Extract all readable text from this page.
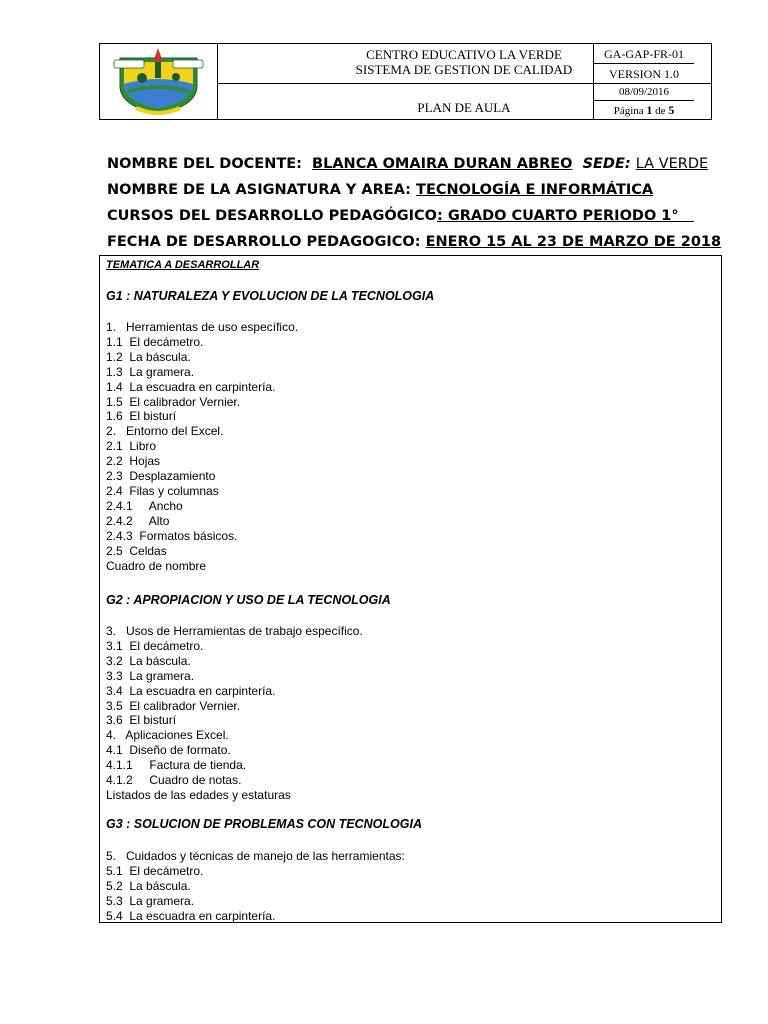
CENTRO EDUCATIVO LA VERDE
SISTEMA DE GESTION DE CALIDAD
PLAN DE AULA
GA-GAP-FR-01
VERSION 1.0
08/09/2016
Página 1 de 5
NOMBRE DEL DOCENTE: BLANCA OMAIRA DURAN ABREO SEDE: LA VERDE
NOMBRE DE LA ASIGNATURA Y AREA: TECNOLOGÍA E INFORMÁTICA
CURSOS DEL DESARROLLO PEDAGÓGICO: GRADO CUARTO PERIODO 1°
FECHA DE DESARROLLO PEDAGOGICO: ENERO 15 AL 23 DE MARZO DE 2018
TEMATICA A DESARROLLAR
G1 : NATURALEZA Y EVOLUCION DE LA TECNOLOGIA
1.   Herramientas de uso específico.
1.1  El decámetro.
1.2  La báscula.
1.3  La gramera.
1.4  La escuadra en carpintería.
1.5  El calibrador Vernier.
1.6  El bisturí
2.   Entorno del Excel.
2.1  Libro
2.2  Hojas
2.3  Desplazamiento
2.4  Filas y columnas
2.4.1     Ancho
2.4.2     Alto
2.4.3  Formatos básicos.
2.5  Celdas
Cuadro de nombre
G2 : APROPIACION Y USO DE LA TECNOLOGIA
3.   Usos de Herramientas de trabajo específico.
3.1  El decámetro.
3.2  La báscula.
3.3  La gramera.
3.4  La escuadra en carpintería.
3.5  El calibrador Vernier.
3.6  El bisturí
4.   Aplicaciones Excel.
4.1  Diseño de formato.
4.1.1     Factura de tienda.
4.1.2     Cuadro de notas.
Listados de las edades y estaturas
G3 : SOLUCION DE PROBLEMAS CON TECNOLOGIA
5.   Cuidados y técnicas de manejo de las herramientas:
5.1  El decámetro.
5.2  La báscula.
5.3  La gramera.
5.4  La escuadra en carpintería.
